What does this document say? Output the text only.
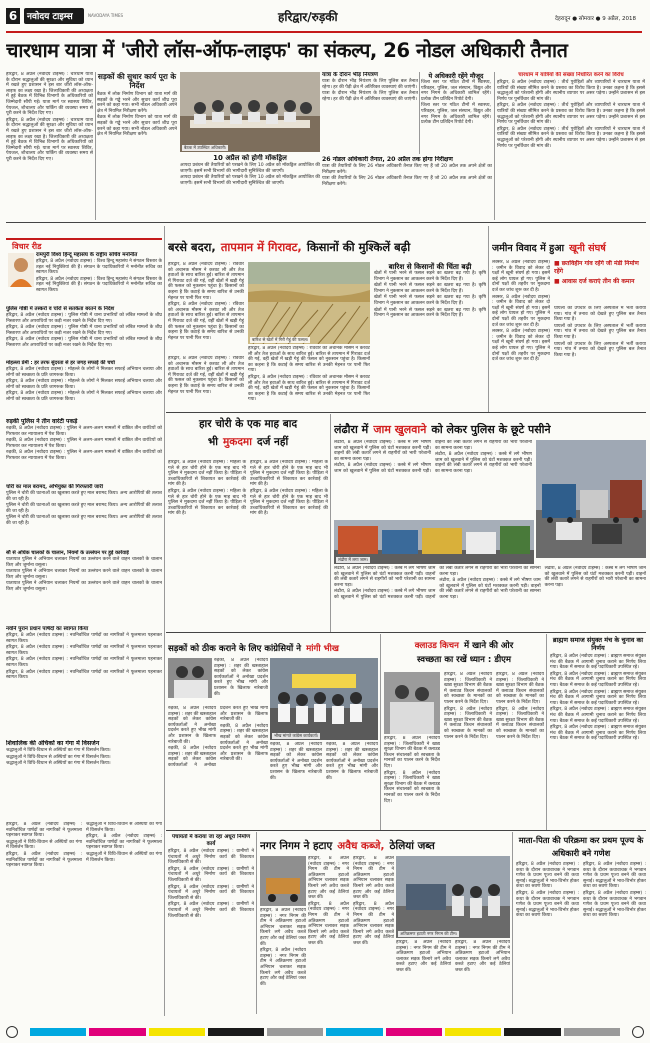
6	नवोदय टाइम्स	NAVODAYA TIMES	हरिद्वार/रुड़की	देहरादून ● सोमवार ● 9 अप्रैल, 2018
चारधाम यात्रा में 'जीरो लॉस-ऑफ-लाइफ' का संकल्प, 26 नोडल अधिकारी तैनात

हरिद्वार, 8 अप्रैल (नवोदय टाइम्स) : चारधाम यात्रा के दौरान श्रद्धालुओं की सुरक्षा और सुविधा को ध्यान में रखते हुए प्रशासन ने इस बार जीरो लॉस-ऑफ-लाइफ का लक्ष्य रखा है। जिलाधिकारी की अध्यक्षता में हुई बैठक में विभिन्न विभागों के अधिकारियों को जिम्मेदारी सौंपी गई। यात्रा मार्ग पर स्वास्थ्य शिविर, पेयजल, शौचालय और पार्किंग की व्यवस्था समय से पूरी करने के निर्देश दिए गए।

हरिद्वार, 8 अप्रैल (नवोदय टाइम्स) : चारधाम यात्रा के दौरान श्रद्धालुओं की सुरक्षा और सुविधा को ध्यान में रखते हुए प्रशासन ने इस बार जीरो लॉस-ऑफ-लाइफ का लक्ष्य रखा है। जिलाधिकारी की अध्यक्षता में हुई बैठक में विभिन्न विभागों के अधिकारियों को जिम्मेदारी सौंपी गई। यात्रा मार्ग पर स्वास्थ्य शिविर, पेयजल, शौचालय और पार्किंग की व्यवस्था समय से पूरी करने के निर्देश दिए गए।

सड़कों की सुधार कार्य पूरा के निर्देश

बैठक में लोक निर्माण विभाग को यात्रा मार्ग की सड़कों के गड्ढे भरने और सुधार कार्य शीघ्र पूरा करने को कहा गया। सभी नोडल अधिकारी अपने क्षेत्र में नियमित निरीक्षण करेंगे।

बैठक में लोक निर्माण विभाग को यात्रा मार्ग की सड़कों के गड्ढे भरने और सुधार कार्य शीघ्र पूरा करने को कहा गया। सभी नोडल अधिकारी अपने क्षेत्र में नियमित निरीक्षण करेंगे।

बैठक में उपस्थित अधिकारी।
यात्रा के दौरान भीड़ नियंत्रण

यात्रा के दौरान भीड़ नियंत्रण के लिए पुलिस बल तैनात रहेगा। हर की पैड़ी क्षेत्र में अतिरिक्त व्यवस्थाएं की जाएंगी।

यात्रा के दौरान भीड़ नियंत्रण के लिए पुलिस बल तैनात रहेगा। हर की पैड़ी क्षेत्र में अतिरिक्त व्यवस्थाएं की जाएंगी।

ये अधिकारी रहेंगे मौजूद

जिला स्तर पर गठित टीमों में स्वास्थ्य, परिवहन, पुलिस, जल संस्थान, विद्युत और नगर निगम के अधिकारी शामिल रहेंगे। प्रत्येक टीम प्रतिदिन रिपोर्ट देगी।

जिला स्तर पर गठित टीमों में स्वास्थ्य, परिवहन, पुलिस, जल संस्थान, विद्युत और नगर निगम के अधिकारी शामिल रहेंगे। प्रत्येक टीम प्रतिदिन रिपोर्ट देगी।

10 अप्रैल को होगी मॉकड्रिल

आपदा प्रबंधन की तैयारियों को परखने के लिए 10 अप्रैल को मॉकड्रिल आयोजित की जाएगी। इसमें सभी विभागों की भागीदारी सुनिश्चित की जाएगी।

आपदा प्रबंधन की तैयारियों को परखने के लिए 10 अप्रैल को मॉकड्रिल आयोजित की जाएगी। इसमें सभी विभागों की भागीदारी सुनिश्चित की जाएगी।

26 नोडल अधिकारी तैनात, 20 अप्रैल तक होगा निरीक्षण

यात्रा की तैयारियों के लिए 26 नोडल अधिकारी तैनात किए गए हैं जो 20 अप्रैल तक अपने क्षेत्रों का निरीक्षण करेंगे।

यात्रा की तैयारियों के लिए 26 नोडल अधिकारी तैनात किए गए हैं जो 20 अप्रैल तक अपने क्षेत्रों का निरीक्षण करेंगे।

चारधाम में यात्रियों की संख्या निर्धारित करने का विरोध

हरिद्वार, 8 अप्रैल (नवोदय टाइम्स) : तीर्थ पुरोहितों और व्यापारियों ने चारधाम यात्रा में यात्रियों की संख्या सीमित करने के प्रस्ताव का विरोध किया है। उनका कहना है कि इससे श्रद्धालुओं को परेशानी होगी और स्थानीय व्यापार पर असर पड़ेगा। उन्होंने प्रशासन से इस निर्णय पर पुनर्विचार की मांग की।

हरिद्वार, 8 अप्रैल (नवोदय टाइम्स) : तीर्थ पुरोहितों और व्यापारियों ने चारधाम यात्रा में यात्रियों की संख्या सीमित करने के प्रस्ताव का विरोध किया है। उनका कहना है कि इससे श्रद्धालुओं को परेशानी होगी और स्थानीय व्यापार पर असर पड़ेगा। उन्होंने प्रशासन से इस निर्णय पर पुनर्विचार की मांग की।

हरिद्वार, 8 अप्रैल (नवोदय टाइम्स) : तीर्थ पुरोहितों और व्यापारियों ने चारधाम यात्रा में यात्रियों की संख्या सीमित करने के प्रस्ताव का विरोध किया है। उनका कहना है कि इससे श्रद्धालुओं को परेशानी होगी और स्थानीय व्यापार पर असर पड़ेगा। उन्होंने प्रशासन से इस निर्णय पर पुनर्विचार की मांग की।

विचार रीड
रामपुरी विश्व हिन्दू महासंघ के राष्ट्रीय सचिव मनोनीत

हरिद्वार, 8 अप्रैल (नवोदय टाइम्स) : विश्व हिन्दू महासंघ ने संगठन विस्तार के तहत नई नियुक्तियां की हैं। संगठन के पदाधिकारियों ने मनोनीत सचिव का स्वागत किया।

हरिद्वार, 8 अप्रैल (नवोदय टाइम्स) : विश्व हिन्दू महासंघ ने संगठन विस्तार के तहत नई नियुक्तियां की हैं। संगठन के पदाधिकारियों ने मनोनीत सचिव का स्वागत किया।

पुलिस गोष्ठी में तस्करों व चोरों से सतर्कता बरतने के निर्देश

हरिद्वार, 8 अप्रैल (नवोदय टाइम्स) : पुलिस गोष्ठी में थाना प्रभारियों को लंबित मामलों के शीघ्र निस्तारण और अपराधियों पर कड़ी नजर रखने के निर्देश दिए गए।

हरिद्वार, 8 अप्रैल (नवोदय टाइम्स) : पुलिस गोष्ठी में थाना प्रभारियों को लंबित मामलों के शीघ्र निस्तारण और अपराधियों पर कड़ी नजर रखने के निर्देश दिए गए।

हरिद्वार, 8 अप्रैल (नवोदय टाइम्स) : पुलिस गोष्ठी में थाना प्रभारियों को लंबित मामलों के शीघ्र निस्तारण और अपराधियों पर कड़ी नजर रखने के निर्देश दिए गए।

मोहल्ला प्रेमी : हर तरफ सुंदरता से हर जगह सफाई की चर्चा

हरिद्वार, 8 अप्रैल (नवोदय टाइम्स) : मोहल्ले के लोगों ने मिलकर सफाई अभियान चलाया और लोगों को स्वच्छता के प्रति जागरूक किया।

हरिद्वार, 8 अप्रैल (नवोदय टाइम्स) : मोहल्ले के लोगों ने मिलकर सफाई अभियान चलाया और लोगों को स्वच्छता के प्रति जागरूक किया।

हरिद्वार, 8 अप्रैल (नवोदय टाइम्स) : मोहल्ले के लोगों ने मिलकर सफाई अभियान चलाया और लोगों को स्वच्छता के प्रति जागरूक किया।

रुड़की पुलिस ने तीन वारंटी पकड़े

रुड़की, 8 अप्रैल (नवोदय टाइम्स) : पुलिस ने अलग-अलग मामलों में वांछित तीन वारंटियों को गिरफ्तार कर न्यायालय में पेश किया।

रुड़की, 8 अप्रैल (नवोदय टाइम्स) : पुलिस ने अलग-अलग मामलों में वांछित तीन वारंटियों को गिरफ्तार कर न्यायालय में पेश किया।

रुड़की, 8 अप्रैल (नवोदय टाइम्स) : पुलिस ने अलग-अलग मामलों में वांछित तीन वारंटियों को गिरफ्तार कर न्यायालय में पेश किया।

चोरी का माल बरामद, अभियुक्त की गिरफ्तारी जारी

पुलिस ने चोरी की घटनाओं का खुलासा करते हुए माल बरामद किया। अन्य आरोपियों की तलाश की जा रही है।

पुलिस ने चोरी की घटनाओं का खुलासा करते हुए माल बरामद किया। अन्य आरोपियों की तलाश की जा रही है।

पुलिस ने चोरी की घटनाओं का खुलासा करते हुए माल बरामद किया। अन्य आरोपियों की तलाश की जा रही है।

सौ से अधिक चालकों के चालान, नियमों के उल्लंघन पर हुई कार्रवाई

यातायात पुलिस ने अभियान चलाकर नियमों का उल्लंघन करने वाले वाहन चालकों के चालान किए और जुर्माना वसूला।

यातायात पुलिस ने अभियान चलाकर नियमों का उल्लंघन करने वाले वाहन चालकों के चालान किए और जुर्माना वसूला।

यातायात पुलिस ने अभियान चलाकर नियमों का उल्लंघन करने वाले वाहन चालकों के चालान किए और जुर्माना वसूला।

बरसे बदरा, तापमान में गिरावट, किसानों की मुश्किलें बढ़ी

हरिद्वार, 8 अप्रैल (नवोदय टाइम्स) : रविवार को अचानक मौसम ने करवट ली और तेज हवाओं के साथ बारिश हुई। बारिश से तापमान में गिरावट दर्ज की गई, वहीं खेतों में खड़ी गेहूं की फसल को नुकसान पहुंचा है। किसानों का कहना है कि कटाई के समय बारिश से उनकी मेहनत पर पानी फिर गया।

हरिद्वार, 8 अप्रैल (नवोदय टाइम्स) : रविवार को अचानक मौसम ने करवट ली और तेज हवाओं के साथ बारिश हुई। बारिश से तापमान में गिरावट दर्ज की गई, वहीं खेतों में खड़ी गेहूं की फसल को नुकसान पहुंचा है। किसानों का कहना है कि कटाई के समय बारिश से उनकी मेहनत पर पानी फिर गया।	बारिश से खेतों में गिरी गेहूं की फसल।

हरिद्वार, 8 अप्रैल (नवोदय टाइम्स) : रविवार को अचानक मौसम ने करवट ली और तेज हवाओं के साथ बारिश हुई। बारिश से तापमान में गिरावट दर्ज की गई, वहीं खेतों में खड़ी गेहूं की फसल को नुकसान पहुंचा है। किसानों का कहना है कि कटाई के समय बारिश से उनकी मेहनत पर पानी फिर गया।

हरिद्वार, 8 अप्रैल (नवोदय टाइम्स) : रविवार को अचानक मौसम ने करवट ली और तेज हवाओं के साथ बारिश हुई। बारिश से तापमान में गिरावट दर्ज की गई, वहीं खेतों में खड़ी गेहूं की फसल को नुकसान पहुंचा है। किसानों का कहना है कि कटाई के समय बारिश से उनकी मेहनत पर पानी फिर गया।

हरिद्वार, 8 अप्रैल (नवोदय टाइम्स) : रविवार को अचानक मौसम ने करवट ली और तेज हवाओं के साथ बारिश हुई। बारिश से तापमान में गिरावट दर्ज की गई, वहीं खेतों में खड़ी गेहूं की फसल को नुकसान पहुंचा है। किसानों का कहना है कि कटाई के समय बारिश से उनकी मेहनत पर पानी फिर गया।

बारिश से किसानों की चिंता बढ़ी

खेतों में पानी भरने से फसल सड़ने का खतरा बढ़ गया है। कृषि विभाग ने नुकसान का आकलन करने के निर्देश दिए हैं।

खेतों में पानी भरने से फसल सड़ने का खतरा बढ़ गया है। कृषि विभाग ने नुकसान का आकलन करने के निर्देश दिए हैं।

खेतों में पानी भरने से फसल सड़ने का खतरा बढ़ गया है। कृषि विभाग ने नुकसान का आकलन करने के निर्देश दिए हैं।

खेतों में पानी भरने से फसल सड़ने का खतरा बढ़ गया है। कृषि विभाग ने नुकसान का आकलन करने के निर्देश दिए हैं।

जमीन विवाद में हुआ खूनी संघर्ष

लक्सर, 8 अप्रैल (नवोदय टाइम्स) : जमीन के विवाद को लेकर दो पक्षों में खूनी संघर्ष हो गया। इसमें कई लोग घायल हो गए। पुलिस ने दोनों पक्षों की तहरीर पर मुकदमा दर्ज कर जांच शुरू कर दी है।

लक्सर, 8 अप्रैल (नवोदय टाइम्स) : जमीन के विवाद को लेकर दो पक्षों में खूनी संघर्ष हो गया। इसमें कई लोग घायल हो गए। पुलिस ने दोनों पक्षों की तहरीर पर मुकदमा दर्ज कर जांच शुरू कर दी है।

लक्सर, 8 अप्रैल (नवोदय टाइम्स) : जमीन के विवाद को लेकर दो पक्षों में खूनी संघर्ष हो गया। इसमें कई लोग घायल हो गए। पुलिस ने दोनों पक्षों की तहरीर पर मुकदमा दर्ज कर जांच शुरू कर दी है।

■ छतविहीन गांव रहेंगे जी मंडी निर्माण रहेंगे
■ आवास दर्ज कराएं तीन की कमान

घायलों को उपचार के लिए अस्पताल में भर्ती कराया गया। गांव में तनाव को देखते हुए पुलिस बल तैनात किया गया है।

घायलों को उपचार के लिए अस्पताल में भर्ती कराया गया। गांव में तनाव को देखते हुए पुलिस बल तैनात किया गया है।

घायलों को उपचार के लिए अस्पताल में भर्ती कराया गया। गांव में तनाव को देखते हुए पुलिस बल तैनात किया गया है।

हार चोरी के एक माह बाद
भी मुकदमा दर्ज नहीं

हरिद्वार, 8 अप्रैल (नवोदय टाइम्स) : महिला के गले से हार चोरी होने के एक माह बाद भी पुलिस ने मुकदमा दर्ज नहीं किया है। पीड़िता ने उच्चाधिकारियों से शिकायत कर कार्रवाई की मांग की है।

हरिद्वार, 8 अप्रैल (नवोदय टाइम्स) : महिला के गले से हार चोरी होने के एक माह बाद भी पुलिस ने मुकदमा दर्ज नहीं किया है। पीड़िता ने उच्चाधिकारियों से शिकायत कर कार्रवाई की मांग की है।

हरिद्वार, 8 अप्रैल (नवोदय टाइम्स) : महिला के गले से हार चोरी होने के एक माह बाद भी पुलिस ने मुकदमा दर्ज नहीं किया है। पीड़िता ने उच्चाधिकारियों से शिकायत कर कार्रवाई की मांग की है।

हरिद्वार, 8 अप्रैल (नवोदय टाइम्स) : महिला के गले से हार चोरी होने के एक माह बाद भी पुलिस ने मुकदमा दर्ज नहीं किया है। पीड़िता ने उच्चाधिकारियों से शिकायत कर कार्रवाई की मांग की है।

लंढौरा में जाम खुलवाने को लेकर पुलिस के छूटे पसीने

लंढौरा, 8 अप्रैल (नवोदय टाइम्स) : कस्बे में लगे भीषण जाम को खुलवाने में पुलिस को घंटों मशक्कत करनी पड़ी। वाहनों की लंबी कतारें लगने से राहगीरों को भारी परेशानी का सामना करना पड़ा।

लंढौरा, 8 अप्रैल (नवोदय टाइम्स) : कस्बे में लगे भीषण जाम को खुलवाने में पुलिस को घंटों मशक्कत करनी पड़ी। वाहनों की लंबी कतारें लगने से राहगीरों को भारी परेशानी का सामना करना पड़ा।

लंढौरा, 8 अप्रैल (नवोदय टाइम्स) : कस्बे में लगे भीषण जाम को खुलवाने में पुलिस को घंटों मशक्कत करनी पड़ी। वाहनों की लंबी कतारें लगने से राहगीरों को भारी परेशानी का सामना करना पड़ा।

लंढौरा में लगा जाम।

लंढौरा, 8 अप्रैल (नवोदय टाइम्स) : कस्बे में लगे भीषण जाम को खुलवाने में पुलिस को घंटों मशक्कत करनी पड़ी। वाहनों की लंबी कतारें लगने से राहगीरों को भारी परेशानी का सामना करना पड़ा।

लंढौरा, 8 अप्रैल (नवोदय टाइम्स) : कस्बे में लगे भीषण जाम को खुलवाने में पुलिस को घंटों मशक्कत करनी पड़ी। वाहनों की लंबी कतारें लगने से राहगीरों को भारी परेशानी का सामना करना पड़ा।

लंढौरा, 8 अप्रैल (नवोदय टाइम्स) : कस्बे में लगे भीषण जाम को खुलवाने में पुलिस को घंटों मशक्कत करनी पड़ी। वाहनों की लंबी कतारें लगने से राहगीरों को भारी परेशानी का सामना करना पड़ा।

लंढौरा, 8 अप्रैल (नवोदय टाइम्स) : कस्बे में लगे भीषण जाम को खुलवाने में पुलिस को घंटों मशक्कत करनी पड़ी। वाहनों की लंबी कतारें लगने से राहगीरों को भारी परेशानी का सामना करना पड़ा।

सड़कों को ठीक कराने के लिए कांग्रेसियों ने मांगी भीख

रुड़की, 8 अप्रैल (नवोदय टाइम्स) : शहर की खस्ताहाल सड़कों को लेकर कांग्रेस कार्यकर्ताओं ने अनोखा प्रदर्शन करते हुए भीख मांगी और प्रशासन के खिलाफ नारेबाजी की।

भीख मांगते कांग्रेस कार्यकर्ता।

रुड़की, 8 अप्रैल (नवोदय टाइम्स) : शहर की खस्ताहाल सड़कों को लेकर कांग्रेस कार्यकर्ताओं ने अनोखा प्रदर्शन करते हुए भीख मांगी और प्रशासन के खिलाफ नारेबाजी की।

रुड़की, 8 अप्रैल (नवोदय टाइम्स) : शहर की खस्ताहाल सड़कों को लेकर कांग्रेस कार्यकर्ताओं ने अनोखा प्रदर्शन करते हुए भीख मांगी और प्रशासन के खिलाफ नारेबाजी की।

रुड़की, 8 अप्रैल (नवोदय टाइम्स) : शहर की खस्ताहाल सड़कों को लेकर कांग्रेस कार्यकर्ताओं ने अनोखा प्रदर्शन करते हुए भीख मांगी और प्रशासन के खिलाफ नारेबाजी की।

रुड़की, 8 अप्रैल (नवोदय टाइम्स) : शहर की खस्ताहाल सड़कों को लेकर कांग्रेस कार्यकर्ताओं ने अनोखा प्रदर्शन करते हुए भीख मांगी और प्रशासन के खिलाफ नारेबाजी की।

रुड़की, 8 अप्रैल (नवोदय टाइम्स) : शहर की खस्ताहाल सड़कों को लेकर कांग्रेस कार्यकर्ताओं ने अनोखा प्रदर्शन करते हुए भीख मांगी और प्रशासन के खिलाफ नारेबाजी की।

क्लाउड किचन में खाने की ओर
स्वच्छता का रखें ध्यान : डीएम

हरिद्वार, 8 अप्रैल (नवोदय टाइम्स) : जिलाधिकारी ने खाद्य सुरक्षा विभाग की बैठक में क्लाउड किचन संचालकों को स्वच्छता के मानकों का पालन करने के निर्देश दिए।

हरिद्वार, 8 अप्रैल (नवोदय टाइम्स) : जिलाधिकारी ने खाद्य सुरक्षा विभाग की बैठक में क्लाउड किचन संचालकों को स्वच्छता के मानकों का पालन करने के निर्देश दिए।

हरिद्वार, 8 अप्रैल (नवोदय टाइम्स) : जिलाधिकारी ने खाद्य सुरक्षा विभाग की बैठक में क्लाउड किचन संचालकों को स्वच्छता के मानकों का पालन करने के निर्देश दिए।

हरिद्वार, 8 अप्रैल (नवोदय टाइम्स) : जिलाधिकारी ने खाद्य सुरक्षा विभाग की बैठक में क्लाउड किचन संचालकों को स्वच्छता के मानकों का पालन करने के निर्देश दिए।

हरिद्वार, 8 अप्रैल (नवोदय टाइम्स) : जिलाधिकारी ने खाद्य सुरक्षा विभाग की बैठक में क्लाउड किचन संचालकों को स्वच्छता के मानकों का पालन करने के निर्देश दिए।

हरिद्वार, 8 अप्रैल (नवोदय टाइम्स) : जिलाधिकारी ने खाद्य सुरक्षा विभाग की बैठक में क्लाउड किचन संचालकों को स्वच्छता के मानकों का पालन करने के निर्देश दिए।

ब्राह्मण समाज संयुक्त मंच के चुनाव का निर्णय

हरिद्वार, 8 अप्रैल (नवोदय टाइम्स) : ब्राह्मण समाज संयुक्त मंच की बैठक में आगामी चुनाव कराने का निर्णय लिया गया। बैठक में समाज के कई पदाधिकारी उपस्थित रहे।

हरिद्वार, 8 अप्रैल (नवोदय टाइम्स) : ब्राह्मण समाज संयुक्त मंच की बैठक में आगामी चुनाव कराने का निर्णय लिया गया। बैठक में समाज के कई पदाधिकारी उपस्थित रहे।

हरिद्वार, 8 अप्रैल (नवोदय टाइम्स) : ब्राह्मण समाज संयुक्त मंच की बैठक में आगामी चुनाव कराने का निर्णय लिया गया। बैठक में समाज के कई पदाधिकारी उपस्थित रहे।

हरिद्वार, 8 अप्रैल (नवोदय टाइम्स) : ब्राह्मण समाज संयुक्त मंच की बैठक में आगामी चुनाव कराने का निर्णय लिया गया। बैठक में समाज के कई पदाधिकारी उपस्थित रहे।

हरिद्वार, 8 अप्रैल (नवोदय टाइम्स) : ब्राह्मण समाज संयुक्त मंच की बैठक में आगामी चुनाव कराने का निर्णय लिया गया। बैठक में समाज के कई पदाधिकारी उपस्थित रहे।

नवनि पुरान प्रधान पार्षदों का स्वागत किया

हरिद्वार, 8 अप्रैल (नवोदय टाइम्स) : नवनिर्वाचित पार्षदों का नागरिकों ने फूलमाला पहनाकर स्वागत किया।

हरिद्वार, 8 अप्रैल (नवोदय टाइम्स) : नवनिर्वाचित पार्षदों का नागरिकों ने फूलमाला पहनाकर स्वागत किया।

हरिद्वार, 8 अप्रैल (नवोदय टाइम्स) : नवनिर्वाचित पार्षदों का नागरिकों ने फूलमाला पहनाकर स्वागत किया।

हरिद्वार, 8 अप्रैल (नवोदय टाइम्स) : नवनिर्वाचित पार्षदों का नागरिकों ने फूलमाला पहनाकर स्वागत किया।

शिवालिक की अंचिकों का गंगा में विसर्जन

श्रद्धालुओं ने विधि-विधान से अस्थियों का गंगा में विसर्जन किया।

श्रद्धालुओं ने विधि-विधान से अस्थियों का गंगा में विसर्जन किया।

श्रद्धालुओं ने विधि-विधान से अस्थियों का गंगा में विसर्जन किया।

हरिद्वार, 8 अप्रैल (नवोदय टाइम्स) : नवनिर्वाचित पार्षदों का नागरिकों ने फूलमाला पहनाकर स्वागत किया।

श्रद्धालुओं ने विधि-विधान से अस्थियों का गंगा में विसर्जन किया।

हरिद्वार, 8 अप्रैल (नवोदय टाइम्स) : नवनिर्वाचित पार्षदों का नागरिकों ने फूलमाला पहनाकर स्वागत किया।

श्रद्धालुओं ने विधि-विधान से अस्थियों का गंगा में विसर्जन किया।

हरिद्वार, 8 अप्रैल (नवोदय टाइम्स) : नवनिर्वाचित पार्षदों का नागरिकों ने फूलमाला पहनाकर स्वागत किया।

श्रद्धालुओं ने विधि-विधान से अस्थियों का गंगा में विसर्जन किया।

पंचायतों में कराया जा रहा अधूरा निर्माण कार्य

हरिद्वार, 8 अप्रैल (नवोदय टाइम्स) : ग्रामीणों ने पंचायतों में अधूरे निर्माण कार्य की शिकायत जिलाधिकारी से की।

हरिद्वार, 8 अप्रैल (नवोदय टाइम्स) : ग्रामीणों ने पंचायतों में अधूरे निर्माण कार्य की शिकायत जिलाधिकारी से की।

हरिद्वार, 8 अप्रैल (नवोदय टाइम्स) : ग्रामीणों ने पंचायतों में अधूरे निर्माण कार्य की शिकायत जिलाधिकारी से की।

हरिद्वार, 8 अप्रैल (नवोदय टाइम्स) : ग्रामीणों ने पंचायतों में अधूरे निर्माण कार्य की शिकायत जिलाधिकारी से की।

नगर निगम ने हटाए अवैध कब्जे, ठेलियां जब्त

हरिद्वार, 8 अप्रैल (नवोदय टाइम्स) : नगर निगम की टीम ने अतिक्रमण हटाओ अभियान चलाकर सड़क किनारे लगे अवैध कब्जे हटाए और कई ठेलियां जब्त कीं।

हरिद्वार, 8 अप्रैल (नवोदय टाइम्स) : नगर निगम की टीम ने अतिक्रमण हटाओ अभियान चलाकर सड़क किनारे लगे अवैध कब्जे हटाए और कई ठेलियां जब्त कीं।

हरिद्वार, 8 अप्रैल (नवोदय टाइम्स) : नगर निगम की टीम ने अतिक्रमण हटाओ अभियान चलाकर सड़क किनारे लगे अवैध कब्जे हटाए और कई ठेलियां जब्त कीं।

हरिद्वार, 8 अप्रैल (नवोदय टाइम्स) : नगर निगम की टीम ने अतिक्रमण हटाओ अभियान चलाकर सड़क किनारे लगे अवैध कब्जे हटाए और कई ठेलियां जब्त कीं।

हरिद्वार, 8 अप्रैल (नवोदय टाइम्स) : नगर निगम की टीम ने अतिक्रमण हटाओ अभियान चलाकर सड़क किनारे लगे अवैध कब्जे हटाए और कई ठेलियां जब्त कीं।

हरिद्वार, 8 अप्रैल (नवोदय टाइम्स) : नगर निगम की टीम ने अतिक्रमण हटाओ अभियान चलाकर सड़क किनारे लगे अवैध कब्जे हटाए और कई ठेलियां जब्त कीं।

अतिक्रमण हटाती नगर निगम की टीम।

हरिद्वार, 8 अप्रैल (नवोदय टाइम्स) : नगर निगम की टीम ने अतिक्रमण हटाओ अभियान चलाकर सड़क किनारे लगे अवैध कब्जे हटाए और कई ठेलियां जब्त कीं।

हरिद्वार, 8 अप्रैल (नवोदय टाइम्स) : नगर निगम की टीम ने अतिक्रमण हटाओ अभियान चलाकर सड़क किनारे लगे अवैध कब्जे हटाए और कई ठेलियां जब्त कीं।

माता-पिता की परिक्रमा कर प्रथम पूज्य के अधिकारी बने गणेश

हरिद्वार, 8 अप्रैल (नवोदय टाइम्स) : कथा के दौरान कथावाचक ने भगवान गणेश के प्रथम पूज्य बनने की कथा सुनाई। श्रद्धालुओं ने भाव-विभोर होकर कथा का श्रवण किया।

हरिद्वार, 8 अप्रैल (नवोदय टाइम्स) : कथा के दौरान कथावाचक ने भगवान गणेश के प्रथम पूज्य बनने की कथा सुनाई। श्रद्धालुओं ने भाव-विभोर होकर कथा का श्रवण किया।

हरिद्वार, 8 अप्रैल (नवोदय टाइम्स) : कथा के दौरान कथावाचक ने भगवान गणेश के प्रथम पूज्य बनने की कथा सुनाई। श्रद्धालुओं ने भाव-विभोर होकर कथा का श्रवण किया।

हरिद्वार, 8 अप्रैल (नवोदय टाइम्स) : कथा के दौरान कथावाचक ने भगवान गणेश के प्रथम पूज्य बनने की कथा सुनाई। श्रद्धालुओं ने भाव-विभोर होकर कथा का श्रवण किया।
